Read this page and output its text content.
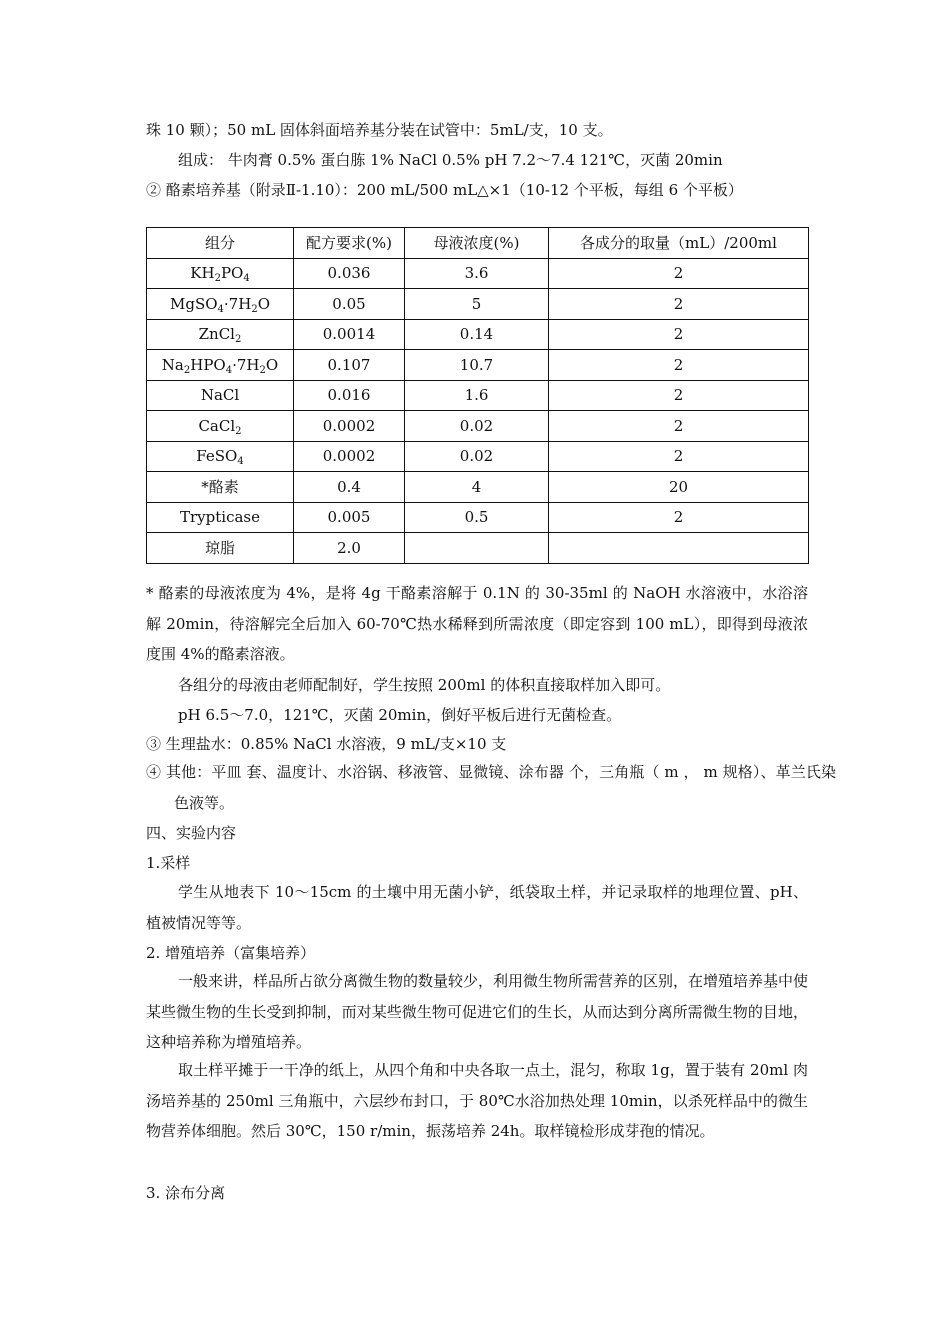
珠 10 颗）；50 mL 固体斜面培养基分装在试管中：5mL/支，10 支。
组成： 牛肉膏 0.5% 蛋白胨 1% NaCl 0.5% pH 7.2～7.4 121℃，灭菌 20min
② 酪素培养基（附录Ⅱ-1.10）：200 mL/500 mL△×1（10-12 个平板，每组 6 个平板）
组分	配方要求(%)	母液浓度(%)	各成分的取量（mL）/200ml
$KH_2PO_4$	0.036	3.6	2
$MgSO_4\cdot 7H_2O$	0.05	5	2
ZnCl$_2$	0.0014	0.14	2
$Na_2HPO_4\cdot 7H_2O$	0.107	10.7	2
NaCl	0.016	1.6	2
CaCl$_2$	0.0002	0.02	2
FeSO$_4$	0.0002	0.02	2
*酪素	0.4	4	20
Trypticase	0.005	0.5	2
琼脂	2.0		
* 酪素的母液浓度为 4%，是将 4g 干酪素溶解于 0.1N 的 30-35ml 的 NaOH 水溶液中，水浴溶解 20min，待溶解完全后加入 60-70℃热水稀释到所需浓度（即定容到 100 mL），即得到母液浓度围 4%的酪素溶液。
各组分的母液由老师配制好，学生按照 200ml 的体积直接取样加入即可。
pH 6.5～7.0，121℃，灭菌 20min，倒好平板后进行无菌检查。
③ 生理盐水：0.85% NaCl 水溶液，9 mL/支×10 支
④ 其他：平皿 套、温度计、水浴锅、移液管、显微镜、涂布器 个，三角瓶（ m ， m 规格）、革兰氏染色液等。
四、实验内容
1.采样
学生从地表下 10～15cm 的土壤中用无菌小铲，纸袋取土样，并记录取样的地理位置、pH、植被情况等等。
2. 增殖培养（富集培养）
一般来讲，样品所占欲分离微生物的数量较少，利用微生物所需营养的区别，在增殖培养基中使某些微生物的生长受到抑制，而对某些微生物可促进它们的生长，从而达到分离所需微生物的目地，这种培养称为增殖培养。
取土样平摊于一干净的纸上，从四个角和中央各取一点土，混匀，称取 1g，置于装有 20ml 肉汤培养基的 250ml 三角瓶中，六层纱布封口，于 80℃水浴加热处理 10min，以杀死样品中的微生物营养体细胞。然后 30℃，150 r/min，振荡培养 24h。取样镜检形成芽孢的情况。
3. 涂布分离
